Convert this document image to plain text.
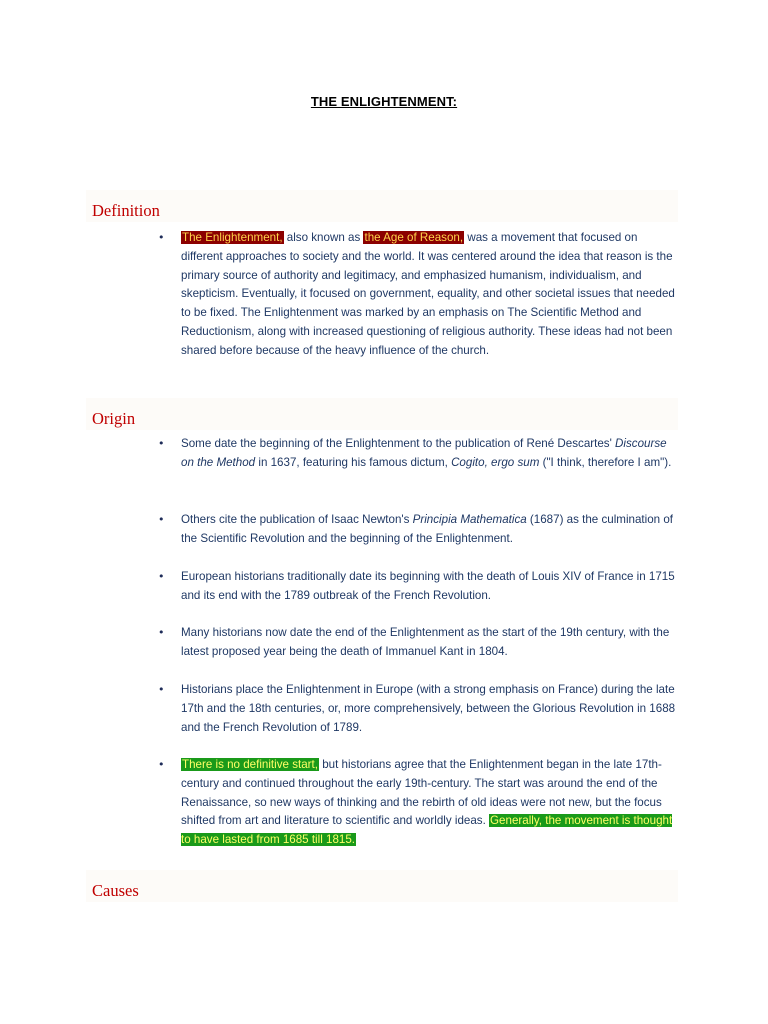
THE ENLIGHTENMENT:
Definition
• The Enlightenment, also known as the Age of Reason, was a movement that focused on different approaches to society and the world. It was centered around the idea that reason is the primary source of authority and legitimacy, and emphasized humanism, individualism, and skepticism. Eventually, it focused on government, equality, and other societal issues that needed to be fixed. The Enlightenment was marked by an emphasis on The Scientific Method and Reductionism, along with increased questioning of religious authority. These ideas had not been shared before because of the heavy influence of the church.

Origin
• Some date the beginning of the Enlightenment to the publication of René Descartes' Discourse on the Method in 1637, featuring his famous dictum, Cogito, ergo sum ("I think, therefore I am").

• Others cite the publication of Isaac Newton's Principia Mathematica (1687) as the culmination of the Scientific Revolution and the beginning of the Enlightenment.

• European historians traditionally date its beginning with the death of Louis XIV of France in 1715 and its end with the 1789 outbreak of the French Revolution.

• Many historians now date the end of the Enlightenment as the start of the 19th century, with the latest proposed year being the death of Immanuel Kant in 1804.

• Historians place the Enlightenment in Europe (with a strong emphasis on France) during the late 17th and the 18th centuries, or, more comprehensively, between the Glorious Revolution in 1688 and the French Revolution of 1789.

• There is no definitive start, but historians agree that the Enlightenment began in the late 17th-century and continued throughout the early 19th-century. The start was around the end of the Renaissance, so new ways of thinking and the rebirth of old ideas were not new, but the focus shifted from art and literature to scientific and worldly ideas. Generally, the movement is thought to have lasted from 1685 till 1815.

Causes
